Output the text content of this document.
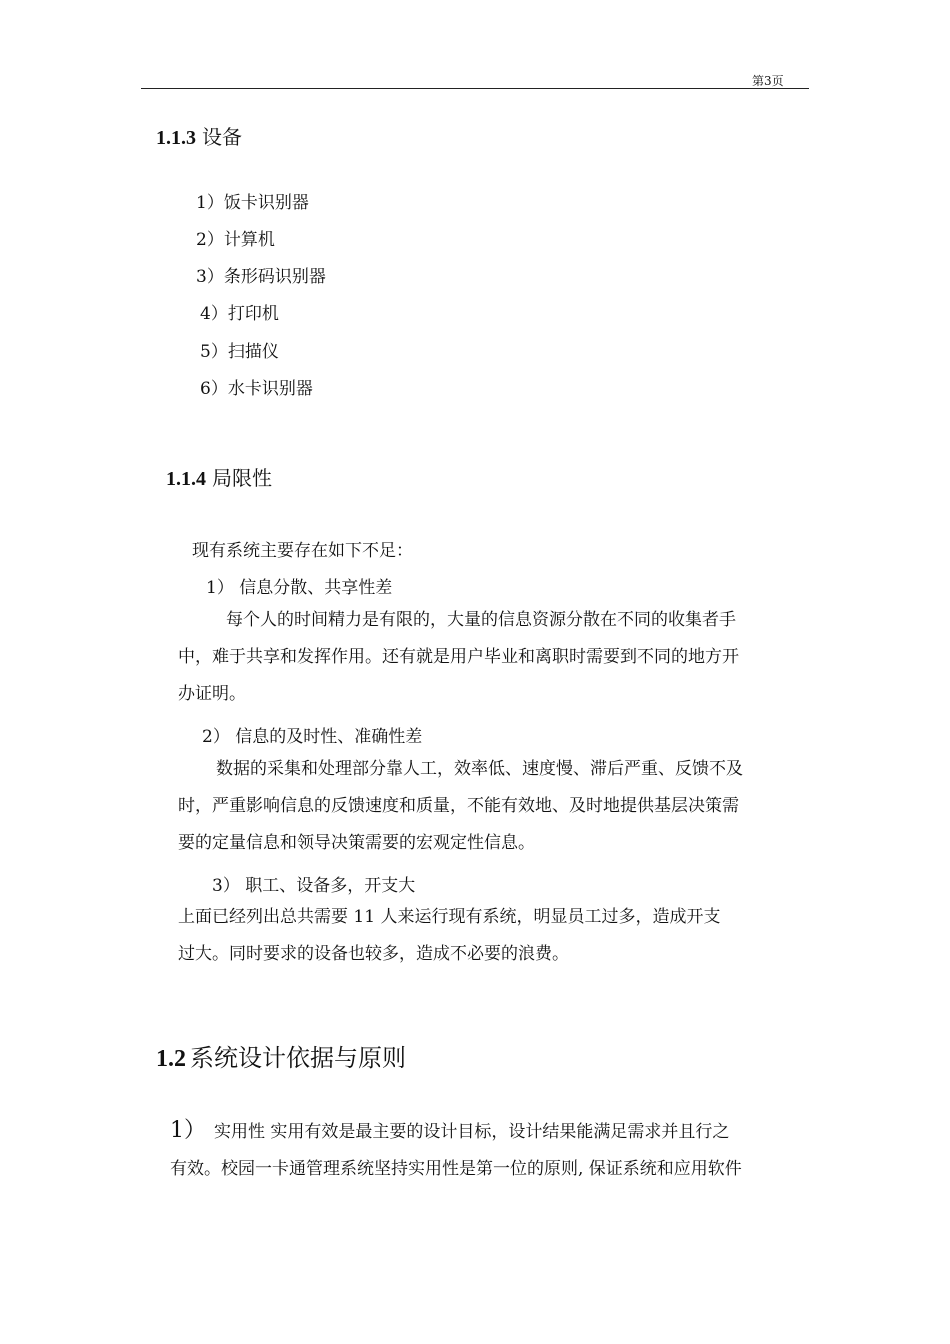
第3页
1.1.3 设备
1）饭卡识别器
2）计算机
3）条形码识别器
4）打印机
5）扫描仪
6）水卡识别器
1.1.4 局限性
现有系统主要存在如下不足：
1） 信息分散、共享性差
每个人的时间精力是有限的，大量的信息资源分散在不同的收集者手
中，难于共享和发挥作用。还有就是用户毕业和离职时需要到不同的地方开
办证明。
2） 信息的及时性、准确性差
数据的采集和处理部分靠人工，效率低、速度慢、滞后严重、反馈不及
时，严重影响信息的反馈速度和质量，不能有效地、及时地提供基层决策需
要的定量信息和领导决策需要的宏观定性信息。
3） 职工、设备多，开支大
上面已经列出总共需要 11 人来运行现有系统，明显员工过多，造成开支
过大。同时要求的设备也较多，造成不必要的浪费。
1.2 系统设计依据与原则
1） 实用性 实用有效是最主要的设计目标，设计结果能满足需求并且行之
有效。校园一卡通管理系统坚持实用性是第一位的原则, 保证系统和应用软件
